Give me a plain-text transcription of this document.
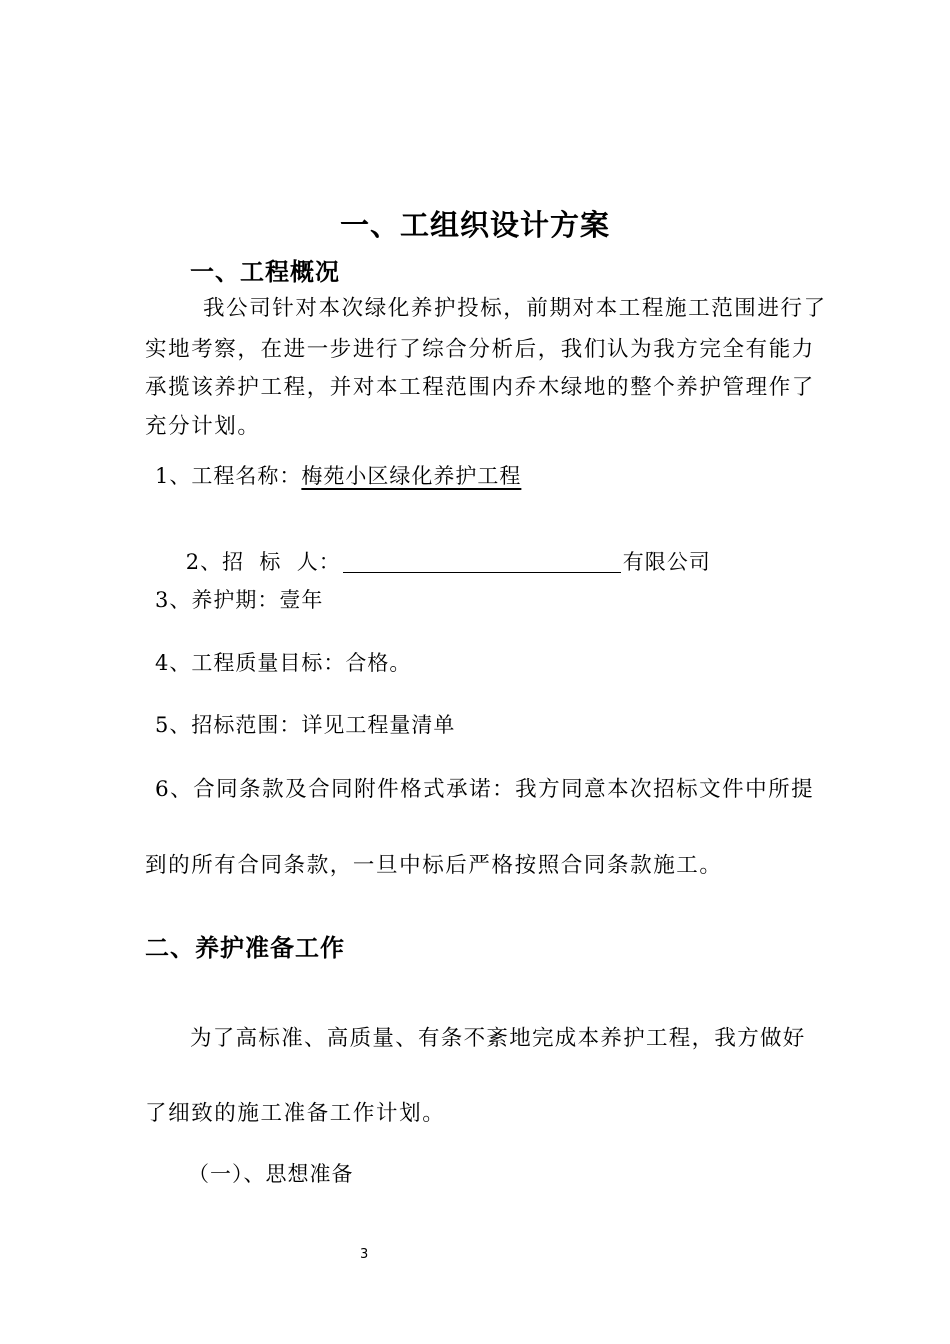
一、工组织设计方案
一、工程概况
我公司针对本次绿化养护投标，前期对本工程施工范围进行了
实地考察，在进一步进行了综合分析后，我们认为我方完全有能力
承揽该养护工程，并对本工程范围内乔木绿地的整个养护管理作了
充分计划。
1、工程名称：梅苑小区绿化养护工程

2、招  标  人：	有限公司

3、养护期：壹年
4、工程质量目标：合格。
5、招标范围：详见工程量清单
6、合同条款及合同附件格式承诺：我方同意本次招标文件中所提
到的所有合同条款，一旦中标后严格按照合同条款施工。
二、养护准备工作
为了高标准、高质量、有条不紊地完成本养护工程，我方做好
了细致的施工准备工作计划。
（一）、思想准备
3
